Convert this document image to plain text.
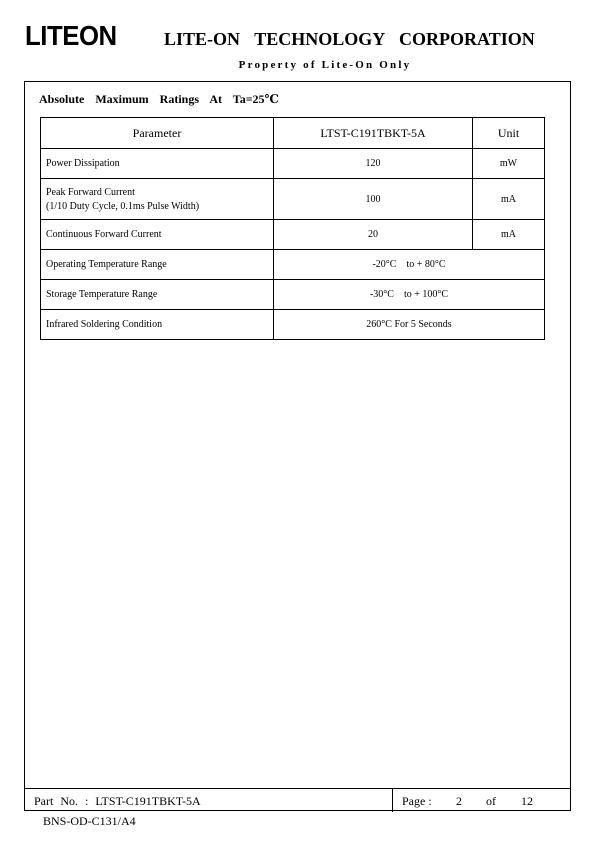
LITEON	LITE-ON TECHNOLOGY CORPORATION
Property of Lite-On Only
Absolute Maximum Ratings At Ta=25℃
Parameter	LTST-C191TBKT-5A	Unit
Power Dissipation	120	mW

Peak Forward Current
(1/10 Duty Cycle, 0.1ms Pulse Width)	100	mA
Continuous Forward Current	20	mA
Operating Temperature Range	-20°C    to + 80°C	
Storage Temperature Range	-30°C    to + 100°C	
Infrared Soldering Condition	260°C For 5 Seconds	
Part No. : LTST-C191TBKT-5A	Page : 2 of 12
BNS-OD-C131/A4
